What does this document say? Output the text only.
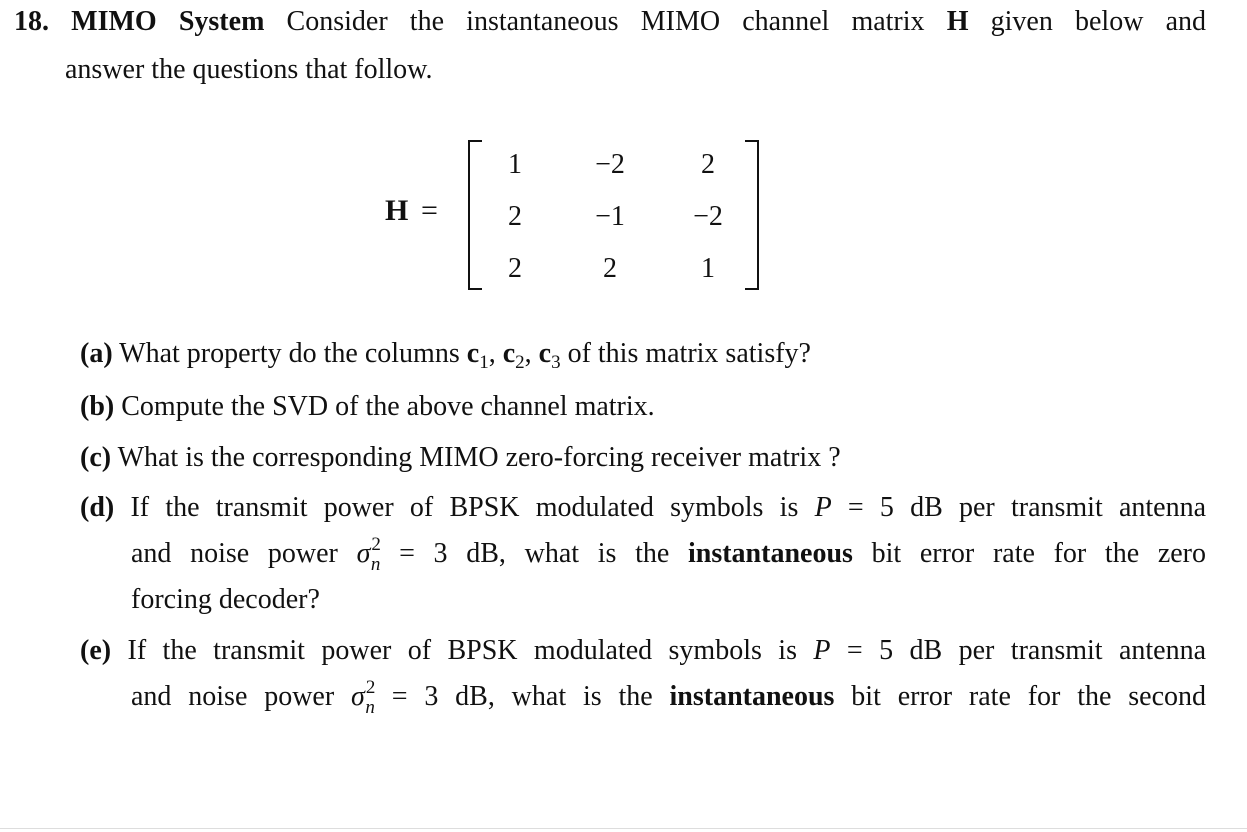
18. MIMO System Consider the instantaneous MIMO channel matrix H given below and
answer the questions that follow.
H =
1	−2	2
2	−1	−2
2	2	1
(a) What property do the columns $c_1$, $c_2$, $c_3$ of this matrix satisfy?
(b) Compute the SVD of the above channel matrix.
(c) What is the corresponding MIMO zero-forcing receiver matrix ?
(d) If the transmit power of BPSK modulated symbols is P = 5 dB per transmit antenna
and noise power $\sigma^2_n = 3$ dB, what is the instantaneous bit error rate for the zero
forcing decoder?
(e) If the transmit power of BPSK modulated symbols is P = 5 dB per transmit antenna
and noise power $\sigma^2_n = 3$ dB, what is the instantaneous bit error rate for the second
